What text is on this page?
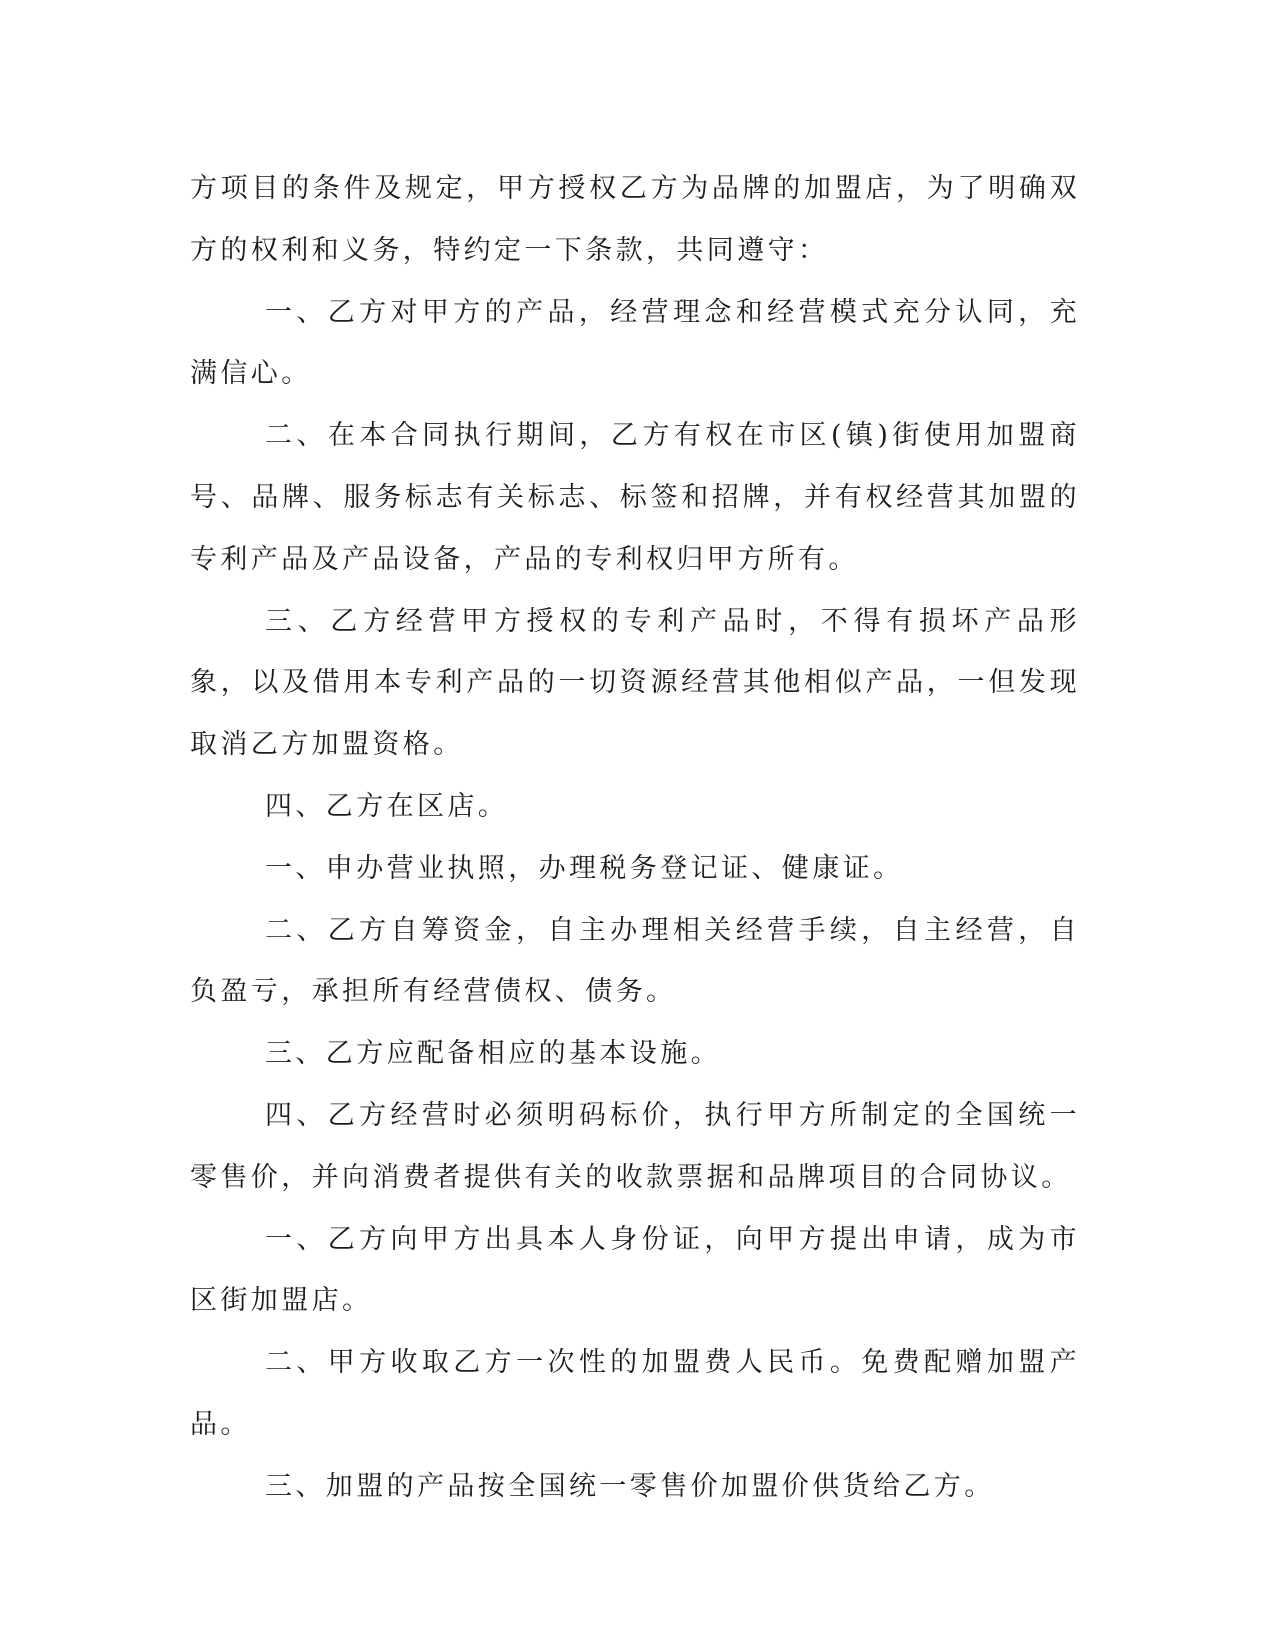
方项目的条件及规定，甲方授权乙方为品牌的加盟店，为了明确双方的权利和义务，特约定一下条款，共同遵守：

一、乙方对甲方的产品，经营理念和经营模式充分认同，充满信心。

二、在本合同执行期间，乙方有权在市区(镇)街使用加盟商号、品牌、服务标志有关标志、标签和招牌，并有权经营其加盟的专利产品及产品设备，产品的专利权归甲方所有。

三、乙方经营甲方授权的专利产品时，不得有损坏产品形象，以及借用本专利产品的一切资源经营其他相似产品，一但发现取消乙方加盟资格。

四、乙方在区店。

一、申办营业执照，办理税务登记证、健康证。

二、乙方自筹资金，自主办理相关经营手续，自主经营，自负盈亏，承担所有经营债权、债务。

三、乙方应配备相应的基本设施。

四、乙方经营时必须明码标价，执行甲方所制定的全国统一零售价，并向消费者提供有关的收款票据和品牌项目的合同协议。

一、乙方向甲方出具本人身份证，向甲方提出申请，成为市区街加盟店。

二、甲方收取乙方一次性的加盟费人民币。免费配赠加盟产品。

三、加盟的产品按全国统一零售价加盟价供货给乙方。
